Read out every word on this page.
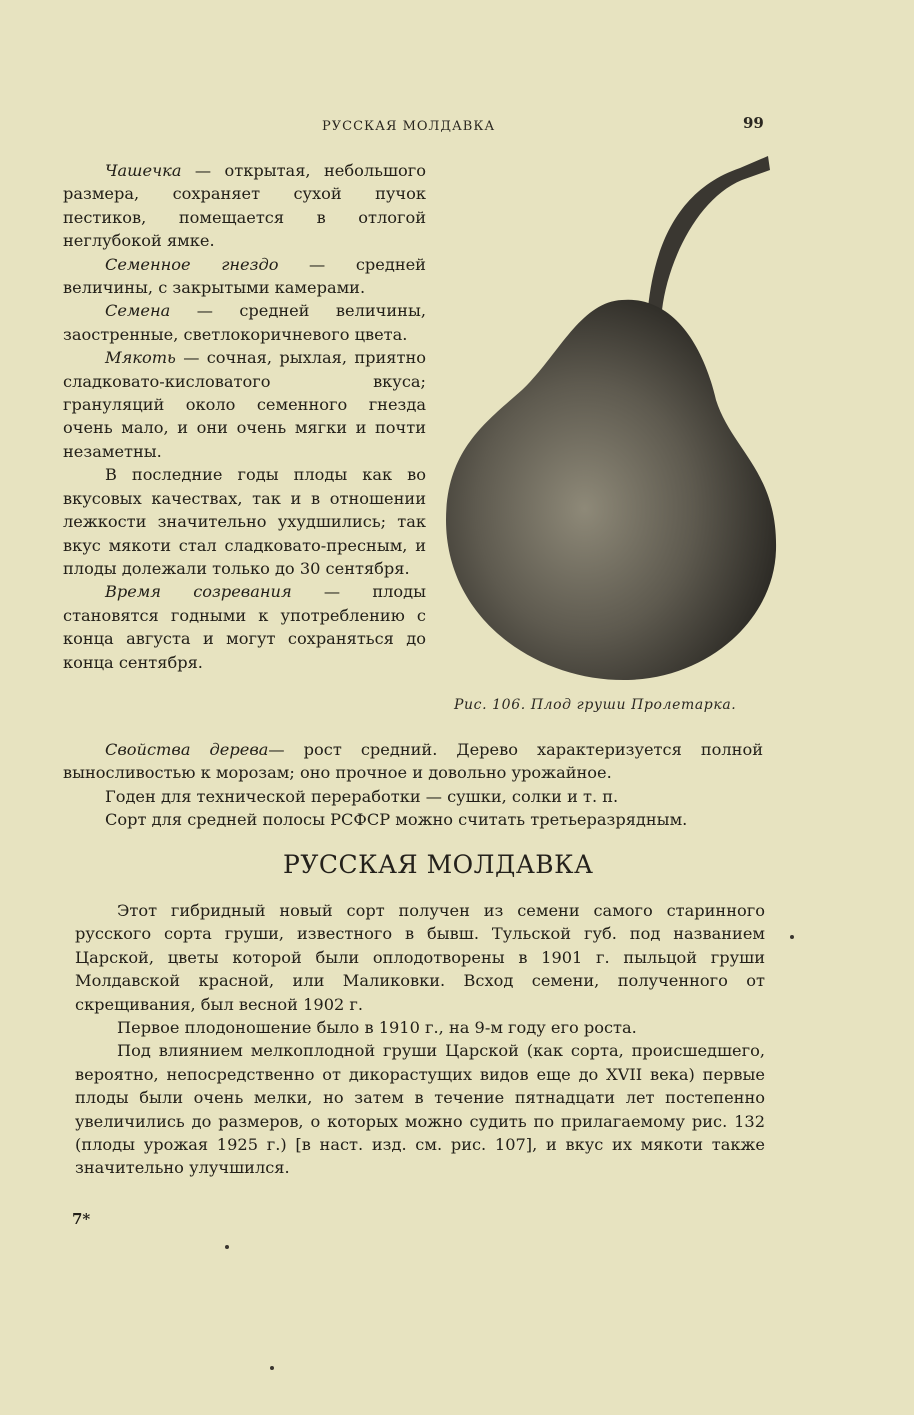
РУССКАЯ МОЛДАВКА	99

Чашечка — открытая, небольшого размера, сохраняет сухой пучок пестиков, помещается в отлогой неглубокой ямке.

Семенное гнездо — средней величины, с закрытыми камерами.

Семена — средней величины, заостренные, светлокоричневого цвета.

Мякоть — сочная, рыхлая, приятно сладковато-кисловатого вкуса; грануляций около семенного гнезда очень мало, и они очень мягки и почти незаметны.

В последние годы плоды как во вкусовых качествах, так и в отношении лежкости значительно ухудшились; так вкус мякоти стал сладковато-пресным, и плоды долежали только до 30 сентября.

Время созревания — плоды становятся годными к употреблению с конца августа и могут сохраняться до конца сентября.

Рис. 106. Плод груши Пролетарка.

Свойства дерева— рост средний. Дерево характеризуется полной выносливостью к морозам; оно прочное и довольно урожайное.

Годен для технической переработки — сушки, солки и т. п.

Сорт для средней полосы РСФСР можно считать третьеразрядным.

РУССКАЯ МОЛДАВКА

Этот гибридный новый сорт получен из семени самого старинного русского сорта груши, известного в бывш. Тульской губ. под названием Царской, цветы которой были оплодотворены в 1901 г. пыльцой груши Молдавской красной, или Маликовки. Всход семени, полученного от скрещивания, был весной 1902 г.

Первое плодоношение было в 1910 г., на 9-м году его роста.

Под влиянием мелкоплодной груши Царской (как сорта, происшедшего, вероятно, непосредственно от дикорастущих видов еще до XVII века) первые плоды были очень мелки, но затем в течение пятнадцати лет постепенно увеличились до размеров, о которых можно судить по прилагаемому рис. 132 (плоды урожая 1925 г.) [в наст. изд. см. рис. 107], и вкус их мякоти также значительно улучшился.

7*
